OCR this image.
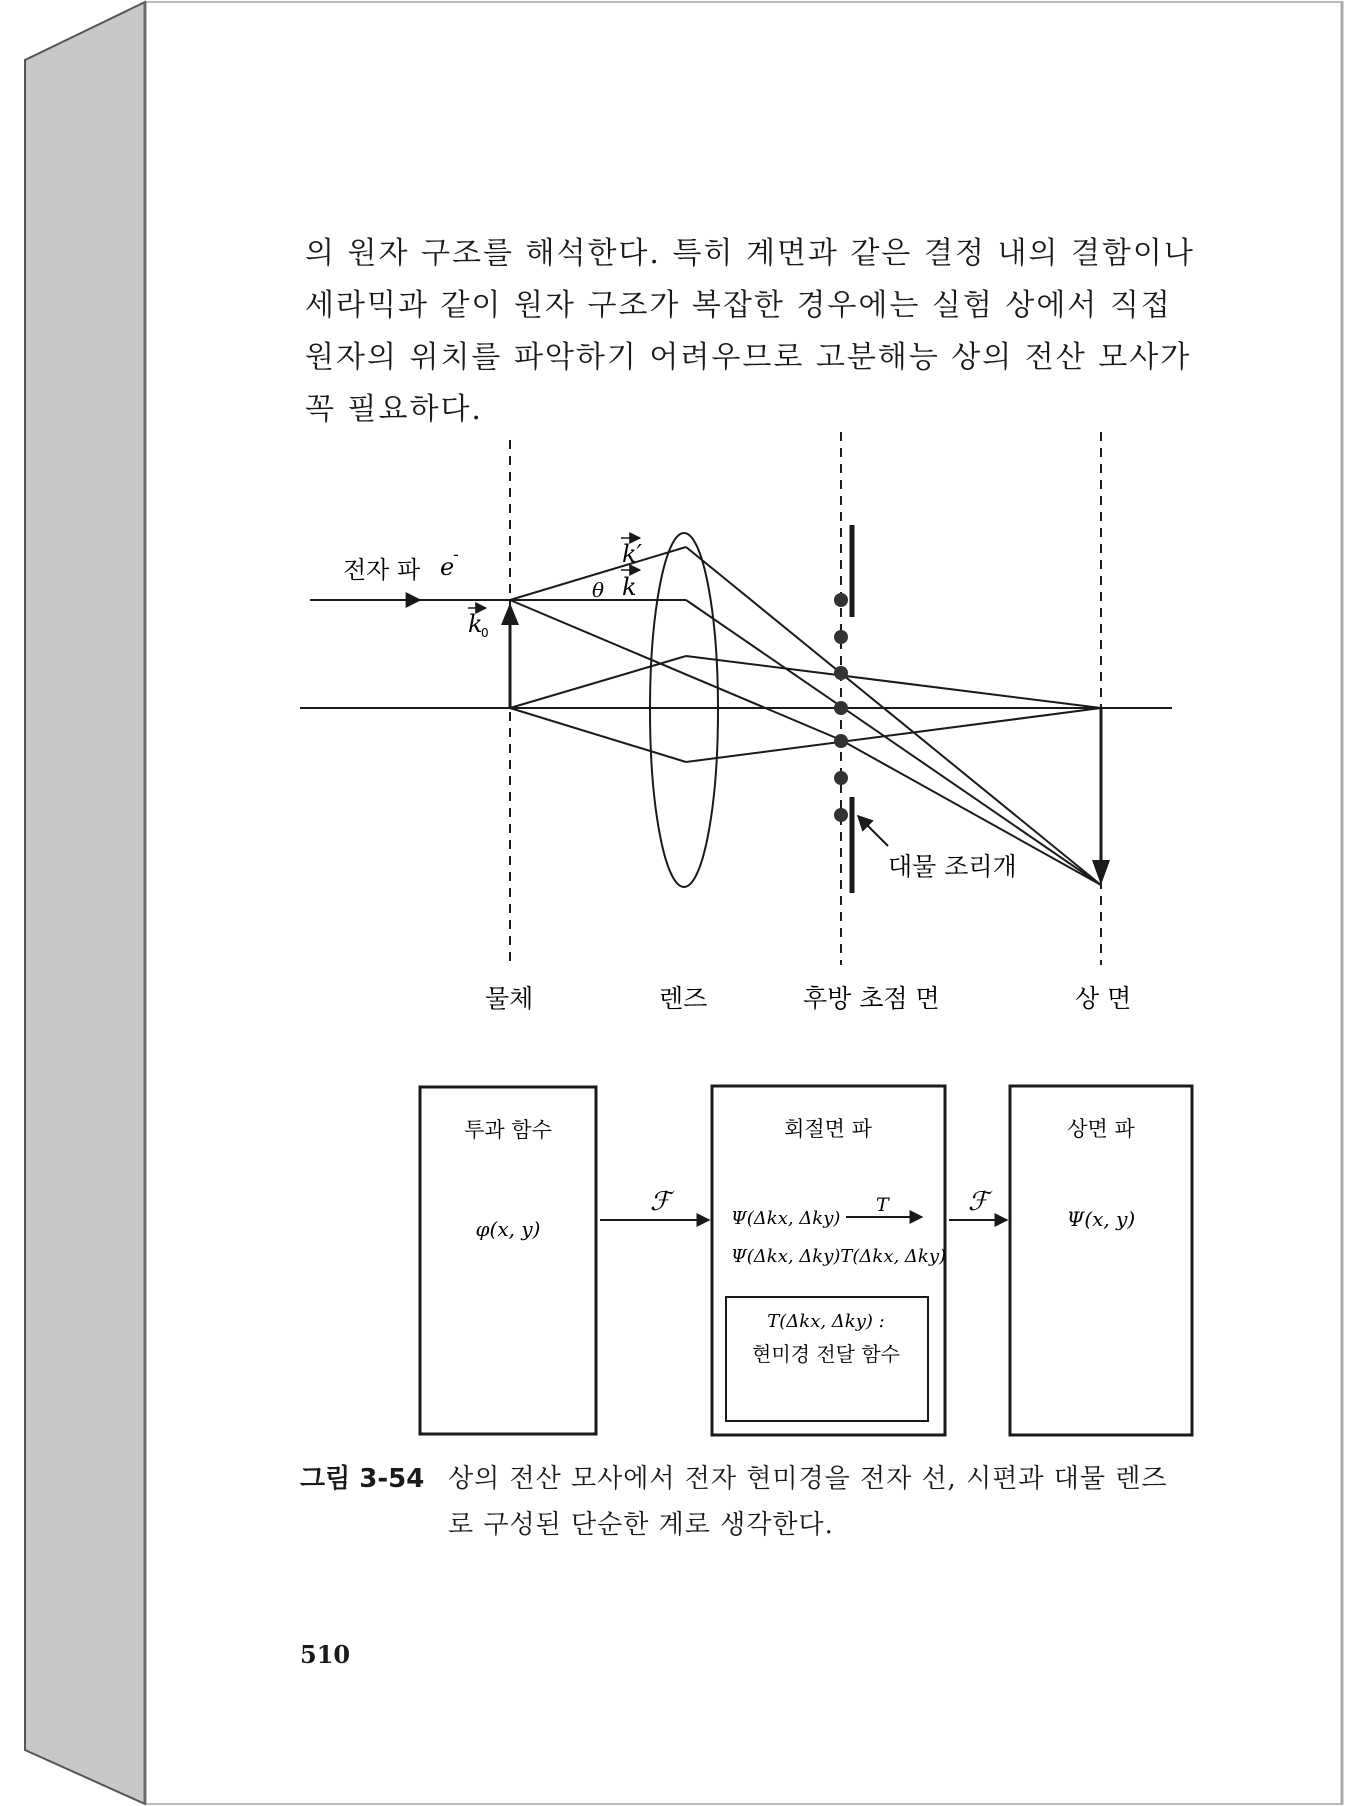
의 원자 구조를 해석한다. 특히 계면과 같은 결정 내의 결함이나
세라믹과 같이 원자 구조가 복잡한 경우에는 실험 상에서 직접
원자의 위치를 파악하기 어려우므로 고분해능 상의 전산 모사가
꼭 필요하다.
전자 파 e
-	k′
k
θ
k
0
대물 조리개
물체	렌즈	후방 초점 면	상 면
ℱ	ℱ
T
투과 함수
φ(x, y)
회절면 파
Ψ(Δkx, Δky)
Ψ(Δkx, Δky)T(Δkx, Δky)
T(Δkx, Δky) :
현미경 전달 함수
상면 파
Ψ(x, y)
그림 3-54 상의 전산 모사에서 전자 현미경을 전자 선, 시편과 대물 렌즈
로 구성된 단순한 계로 생각한다.
510
